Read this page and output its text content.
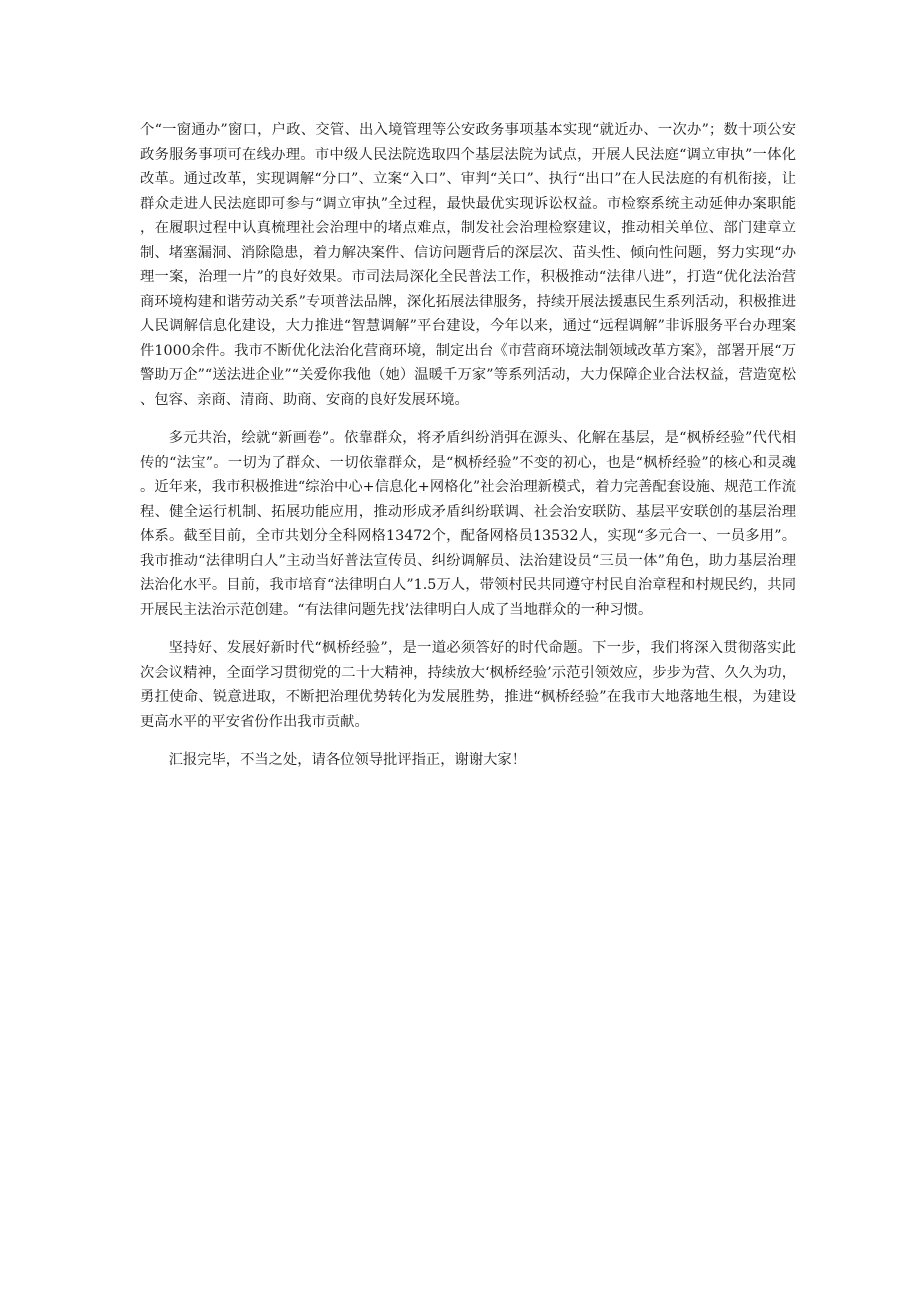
个“一窗通办”窗口，户政、交管、出入境管理等公安政务事项基本实现“就近办、一次办”；数十项公安政务服务事项可在线办理。市中级人民法院选取四个基层法院为试点，开展人民法庭“调立审执”一体化改革。通过改革，实现调解“分口”、立案“入口”、审判“关口”、执行“出口”在人民法庭的有机衔接，让群众走进人民法庭即可参与“调立审执”全过程，最快最优实现诉讼权益。市检察系统主动延伸办案职能，在履职过程中认真梳理社会治理中的堵点难点，制发社会治理检察建议，推动相关单位、部门建章立制、堵塞漏洞、消除隐患，着力解决案件、信访问题背后的深层次、苗头性、倾向性问题，努力实现“办理一案，治理一片”的良好效果。市司法局深化全民普法工作，积极推动“法律八进”，打造“优化法治营商环境构建和谐劳动关系”专项普法品牌，深化拓展法律服务，持续开展法援惠民生系列活动，积极推进人民调解信息化建设，大力推进“智慧调解”平台建设，今年以来，通过“远程调解”非诉服务平台办理案件1000余件。我市不断优化法治化营商环境，制定出台《市营商环境法制领域改革方案》，部署开展“万警助万企”“送法进企业”“关爱你我他（她）温暖千万家”等系列活动，大力保障企业合法权益，营造宽松、包容、亲商、清商、助商、安商的良好发展环境。

多元共治，绘就“新画卷”。依靠群众，将矛盾纠纷消弭在源头、化解在基层，是“枫桥经验”代代相传的“法宝”。一切为了群众、一切依靠群众，是“枫桥经验”不变的初心，也是“枫桥经验”的核心和灵魂。近年来，我市积极推进“综治中心+信息化+网格化”社会治理新模式，着力完善配套设施、规范工作流程、健全运行机制、拓展功能应用，推动形成矛盾纠纷联调、社会治安联防、基层平安联创的基层治理体系。截至目前，全市共划分全科网格13472个，配备网格员13532人，实现“多元合一、一员多用”。我市推动“法律明白人”主动当好普法宣传员、纠纷调解员、法治建设员“三员一体”角色，助力基层治理法治化水平。目前，我市培育“法律明白人”1.5万人，带领村民共同遵守村民自治章程和村规民约，共同开展民主法治示范创建。“有法律问题先找’法律明白人成了当地群众的一种习惯。

坚持好、发展好新时代“枫桥经验”，是一道必须答好的时代命题。下一步，我们将深入贯彻落实此次会议精神，全面学习贯彻党的二十大精神，持续放大‘枫桥经验’示范引领效应，步步为营、久久为功，勇扛使命、锐意进取，不断把治理优势转化为发展胜势，推进“枫桥经验”在我市大地落地生根，为建设更高水平的平安省份作出我市贡献。

汇报完毕，不当之处，请各位领导批评指正，谢谢大家！
